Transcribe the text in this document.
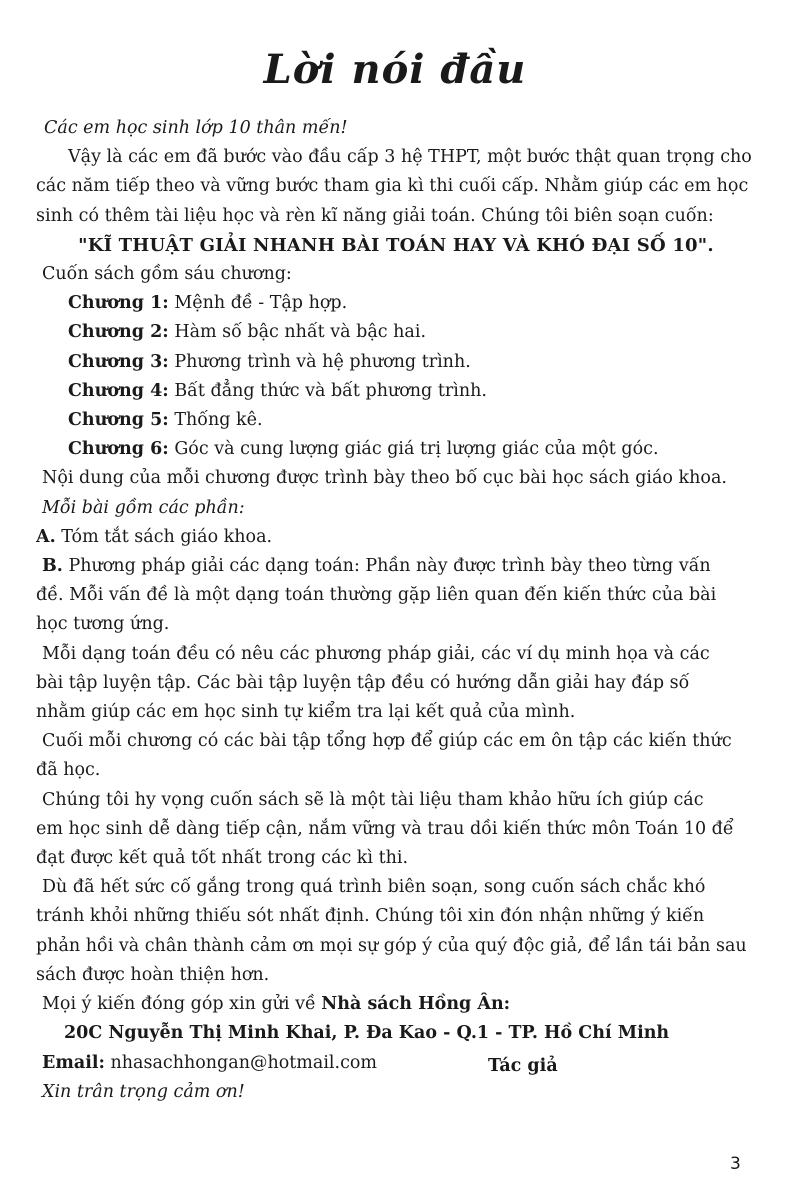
Lời nói đầu

Các em học sinh lớp 10 thân mến!

Vậy là các em đã bước vào đầu cấp 3 hệ THPT, một bước thật quan trọng cho

các năm tiếp theo và vững bước tham gia kì thi cuối cấp. Nhằm giúp các em học

sinh có thêm tài liệu học và rèn kĩ năng giải toán. Chúng tôi biên soạn cuốn:

"KĨ THUẬT GIẢI NHANH BÀI TOÁN HAY VÀ KHÓ ĐẠI SỐ 10".

Cuốn sách gồm sáu chương:

Chương 1: Mệnh đề - Tập hợp.

Chương 2: Hàm số bậc nhất và bậc hai.

Chương 3: Phương trình và hệ phương trình.

Chương 4: Bất đẳng thức và bất phương trình.

Chương 5: Thống kê.

Chương 6: Góc và cung lượng giác giá trị lượng giác của một góc.

Nội dung của mỗi chương được trình bày theo bố cục bài học sách giáo khoa.

Mỗi bài gồm các phần:

A. Tóm tắt sách giáo khoa.

B. Phương pháp giải các dạng toán: Phần này được trình bày theo từng vấn

đề. Mỗi vấn đề là một dạng toán thường gặp liên quan đến kiến thức của bài

học tương ứng.

Mỗi dạng toán đều có nêu các phương pháp giải, các ví dụ minh họa và các

bài tập luyện tập. Các bài tập luyện tập đều có hướng dẫn giải hay đáp số

nhằm giúp các em học sinh tự kiểm tra lại kết quả của mình.

Cuối mỗi chương có các bài tập tổng hợp để giúp các em ôn tập các kiến thức

đã học.

Chúng tôi hy vọng cuốn sách sẽ là một tài liệu tham khảo hữu ích giúp các

em học sinh dễ dàng tiếp cận, nắm vững và trau dồi kiến thức môn Toán 10 để

đạt được kết quả tốt nhất trong các kì thi.

Dù đã hết sức cố gắng trong quá trình biên soạn, song cuốn sách chắc khó

tránh khỏi những thiếu sót nhất định. Chúng tôi xin đón nhận những ý kiến

phản hồi và chân thành cảm ơn mọi sự góp ý của quý độc giả, để lần tái bản sau

sách được hoàn thiện hơn.

Mọi ý kiến đóng góp xin gửi về Nhà sách Hồng Ân:

20C Nguyễn Thị Minh Khai, P. Đa Kao - Q.1 - TP. Hồ Chí Minh

Email: nhasachhongan@hotmail.com

Xin trân trọng cảm ơn!

Tác giả
3
